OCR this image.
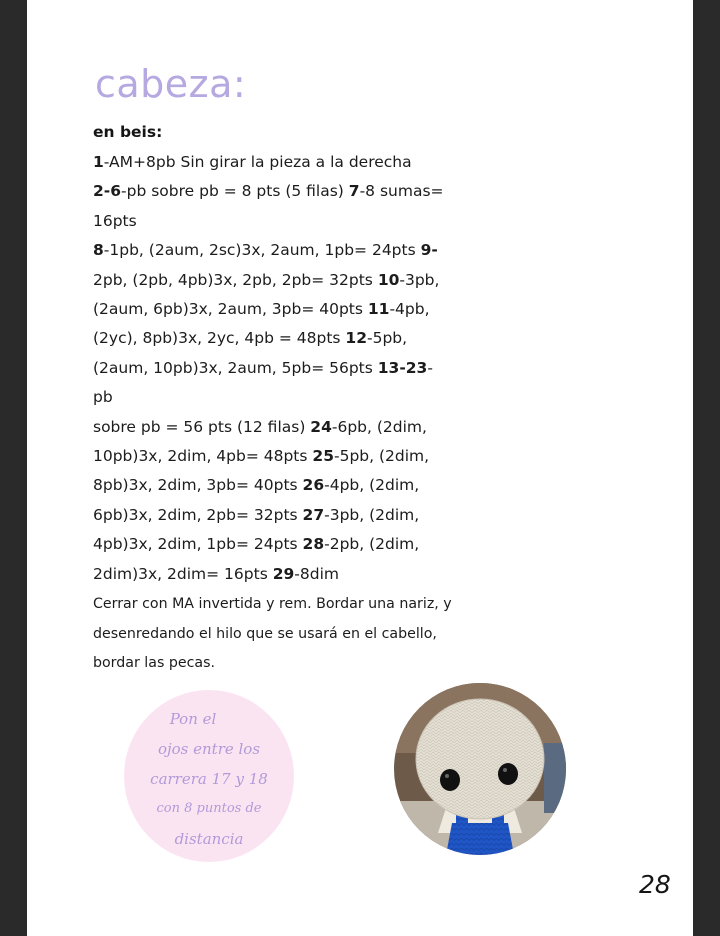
cabeza:
en beis:
1-AM+8pb Sin girar la pieza a la derecha
2-6-pb sobre pb = 8 pts (5 filas) 7-8 sumas=
16pts
8-1pb, (2aum, 2sc)3x, 2aum, 1pb= 24pts 9-
2pb, (2pb, 4pb)3x, 2pb, 2pb= 32pts 10-3pb,
(2aum, 6pb)3x, 2aum, 3pb= 40pts 11-4pb,
(2yc), 8pb)3x, 2yc, 4pb = 48pts 12-5pb,
(2aum, 10pb)3x, 2aum, 5pb= 56pts 13-23-pb
sobre pb = 56 pts (12 filas) 24-6pb, (2dim,
10pb)3x, 2dim, 4pb= 48pts 25-5pb, (2dim,
8pb)3x, 2dim, 3pb= 40pts 26-4pb, (2dim,
6pb)3x, 2dim, 2pb= 32pts 27-3pb, (2dim,
4pb)3x, 2dim, 1pb= 24pts 28-2pb, (2dim,
2dim)3x, 2dim= 16pts 29-8dim
Cerrar con MA invertida y rem. Bordar una nariz, y
desenredando el hilo que se usará en el cabello,
bordar las pecas.
Pon el
ojos entre los
carrera 17 y 18
con 8 puntos de
distancia
28
